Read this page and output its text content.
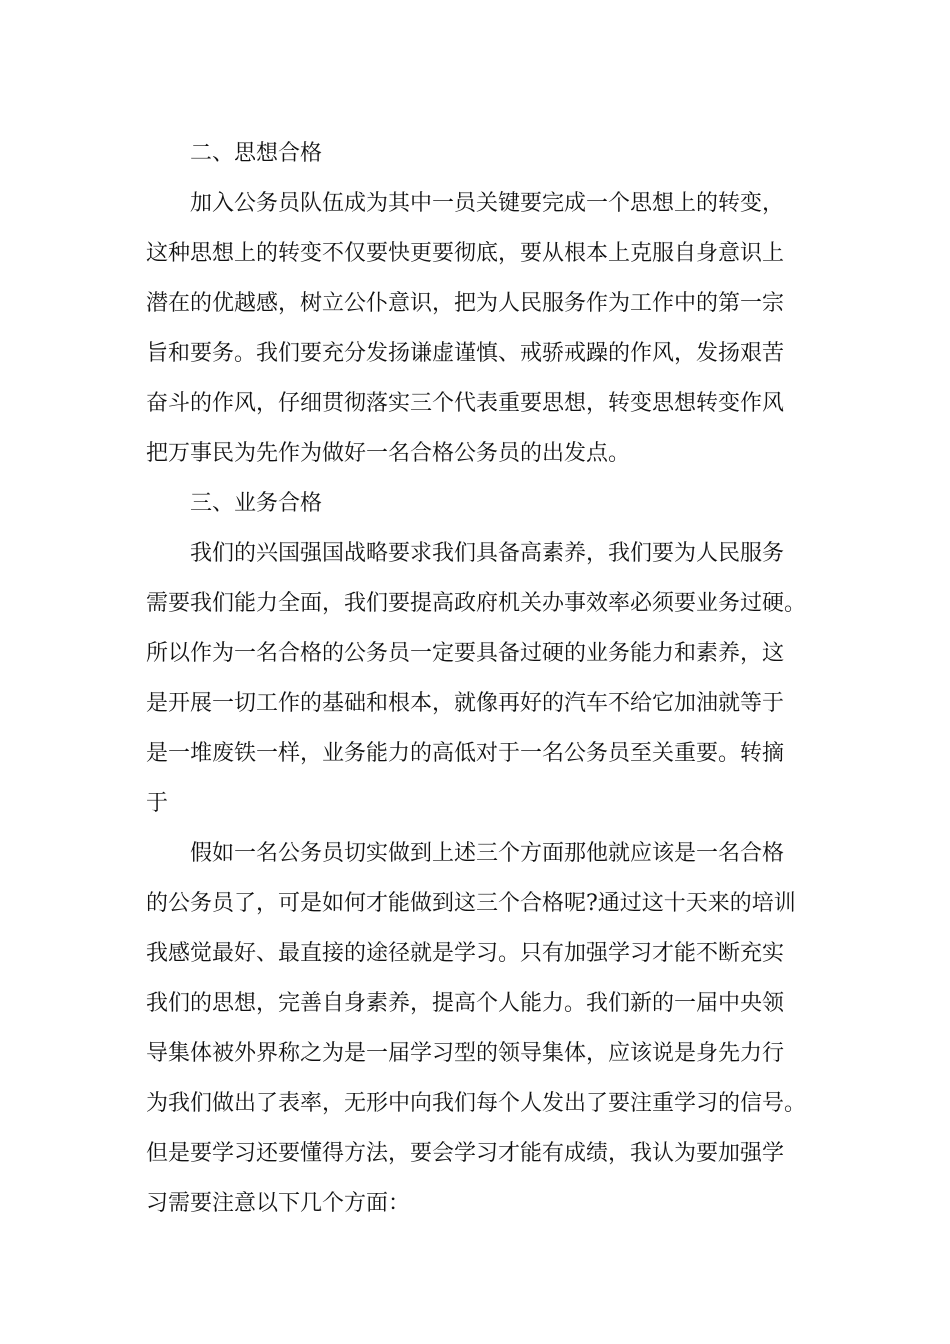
二、思想合格
加入公务员队伍成为其中一员关键要完成一个思想上的转变，
这种思想上的转变不仅要快更要彻底，要从根本上克服自身意识上
潜在的优越感，树立公仆意识，把为人民服务作为工作中的第一宗
旨和要务。我们要充分发扬谦虚谨慎、戒骄戒躁的作风，发扬艰苦
奋斗的作风，仔细贯彻落实三个代表重要思想，转变思想转变作风
把万事民为先作为做好一名合格公务员的出发点。
三、业务合格
我们的兴国强国战略要求我们具备高素养，我们要为人民服务
需要我们能力全面，我们要提高政府机关办事效率必须要业务过硬。
所以作为一名合格的公务员一定要具备过硬的业务能力和素养，这
是开展一切工作的基础和根本，就像再好的汽车不给它加油就等于
是一堆废铁一样，业务能力的高低对于一名公务员至关重要。转摘
于
假如一名公务员切实做到上述三个方面那他就应该是一名合格
的公务员了，可是如何才能做到这三个合格呢?通过这十天来的培训
我感觉最好、最直接的途径就是学习。只有加强学习才能不断充实
我们的思想，完善自身素养，提高个人能力。我们新的一届中央领
导集体被外界称之为是一届学习型的领导集体，应该说是身先力行
为我们做出了表率，无形中向我们每个人发出了要注重学习的信号。
但是要学习还要懂得方法，要会学习才能有成绩，我认为要加强学
习需要注意以下几个方面：
